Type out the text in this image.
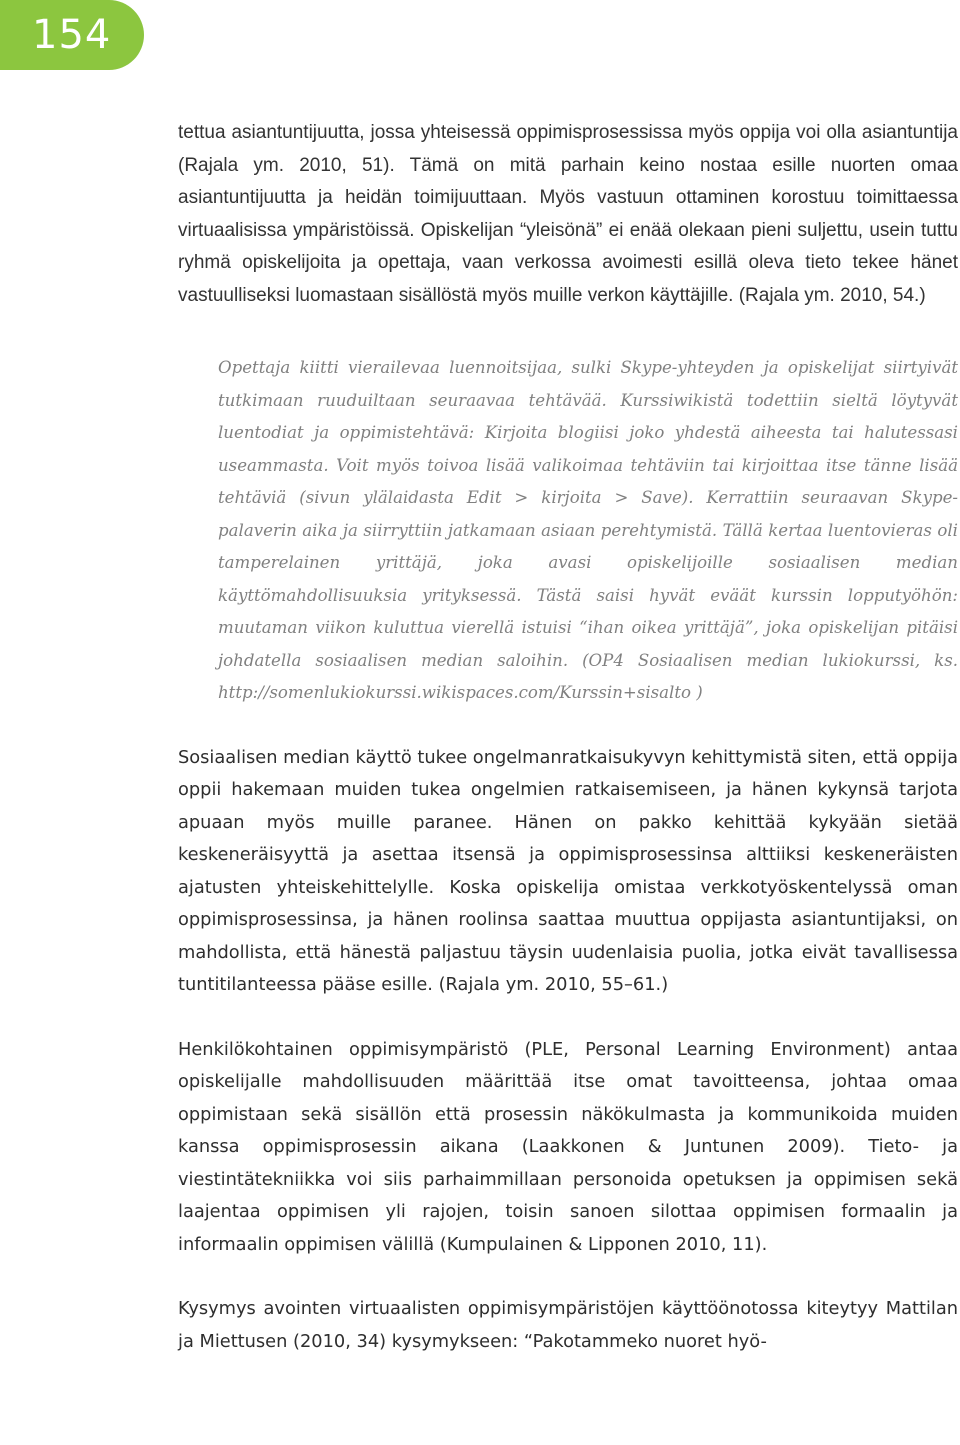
154

tettua asiantuntijuutta, jossa yhteisessä oppimisprosessissa myös oppija voi olla asiantuntija (Rajala ym. 2010, 51). Tämä on mitä parhain keino nostaa esille nuorten omaa asiantuntijuutta ja heidän toimijuuttaan. Myös vastuun ottaminen korostuu toimittaessa virtuaalisissa ympäristöissä. Opiskelijan “yleisönä” ei enää olekaan pieni suljettu, usein tuttu ryhmä opiskelijoita ja opettaja, vaan verkossa avoimesti esillä oleva tieto tekee hänet vastuulliseksi luomastaan sisällöstä myös muille verkon käyttäjille. (Rajala ym. 2010, 54.)

Opettaja kiitti vierailevaa luennoitsijaa, sulki Skype-yhteyden ja opiskelijat siirtyivät tutkimaan ruuduiltaan seuraavaa tehtävää. Kurssiwikistä todettiin sieltä löytyvät luentodiat ja oppimistehtävä: Kirjoita blogiisi joko yhdestä aiheesta tai halutessasi useammasta. Voit myös toivoa lisää valikoimaa tehtäviin tai kirjoittaa itse tänne lisää tehtäviä (sivun ylälaidasta Edit > kirjoita > Save). Kerrattiin seuraavan Skype-palaverin aika ja siirryttiin jatkamaan asiaan perehtymistä. Tällä kertaa luentovieras oli tamperelainen yrittäjä, joka avasi opiskelijoille sosiaalisen median käyttömahdollisuuksia yrityksessä. Tästä saisi hyvät eväät kurssin lopputyöhön: muutaman viikon kuluttua vierellä istuisi “ihan oikea yrittäjä”, joka opiskelijan pitäisi johdatella sosiaalisen median saloihin. (OP4 Sosiaalisen median lukiokurssi, ks. http://somenlukiokurssi.wikispaces.com/Kurssin+sisalto )

Sosiaalisen median käyttö tukee ongelmanratkaisukyvyn kehittymistä siten, että oppija oppii hakemaan muiden tukea ongelmien ratkaisemiseen, ja hänen kykynsä tarjota apuaan myös muille paranee. Hänen on pakko kehittää kykyään sietää keskeneräisyyttä ja asettaa itsensä ja oppimisprosessinsa alttiiksi keskeneräisten ajatusten yhteiskehittelylle. Koska opiskelija omistaa verkkotyöskentelyssä oman oppimisprosessinsa, ja hänen roolinsa saattaa muuttua oppijasta asiantuntijaksi, on mahdollista, että hänestä paljastuu täysin uudenlaisia puolia, jotka eivät tavallisessa tuntitilanteessa pääse esille. (Rajala ym. 2010, 55–61.)

Henkilökohtainen oppimisympäristö (PLE, Personal Learning Environment) antaa opiskelijalle mahdollisuuden määrittää itse omat tavoitteensa, johtaa omaa oppimistaan sekä sisällön että prosessin näkökulmasta ja kommunikoida muiden kanssa oppimisprosessin aikana (Laakkonen & Juntunen 2009). Tieto- ja viestintätekniikka voi siis parhaimmillaan personoida opetuksen ja oppimisen sekä laajentaa oppimisen yli rajojen, toisin sanoen silottaa oppimisen formaalin ja informaalin oppimisen välillä (Kumpulainen & Lipponen 2010, 11).

Kysymys avointen virtuaalisten oppimisympäristöjen käyttöönotossa kiteytyy Mattilan ja Miettusen (2010, 34) kysymykseen: “Pakotammeko nuoret hyö-
